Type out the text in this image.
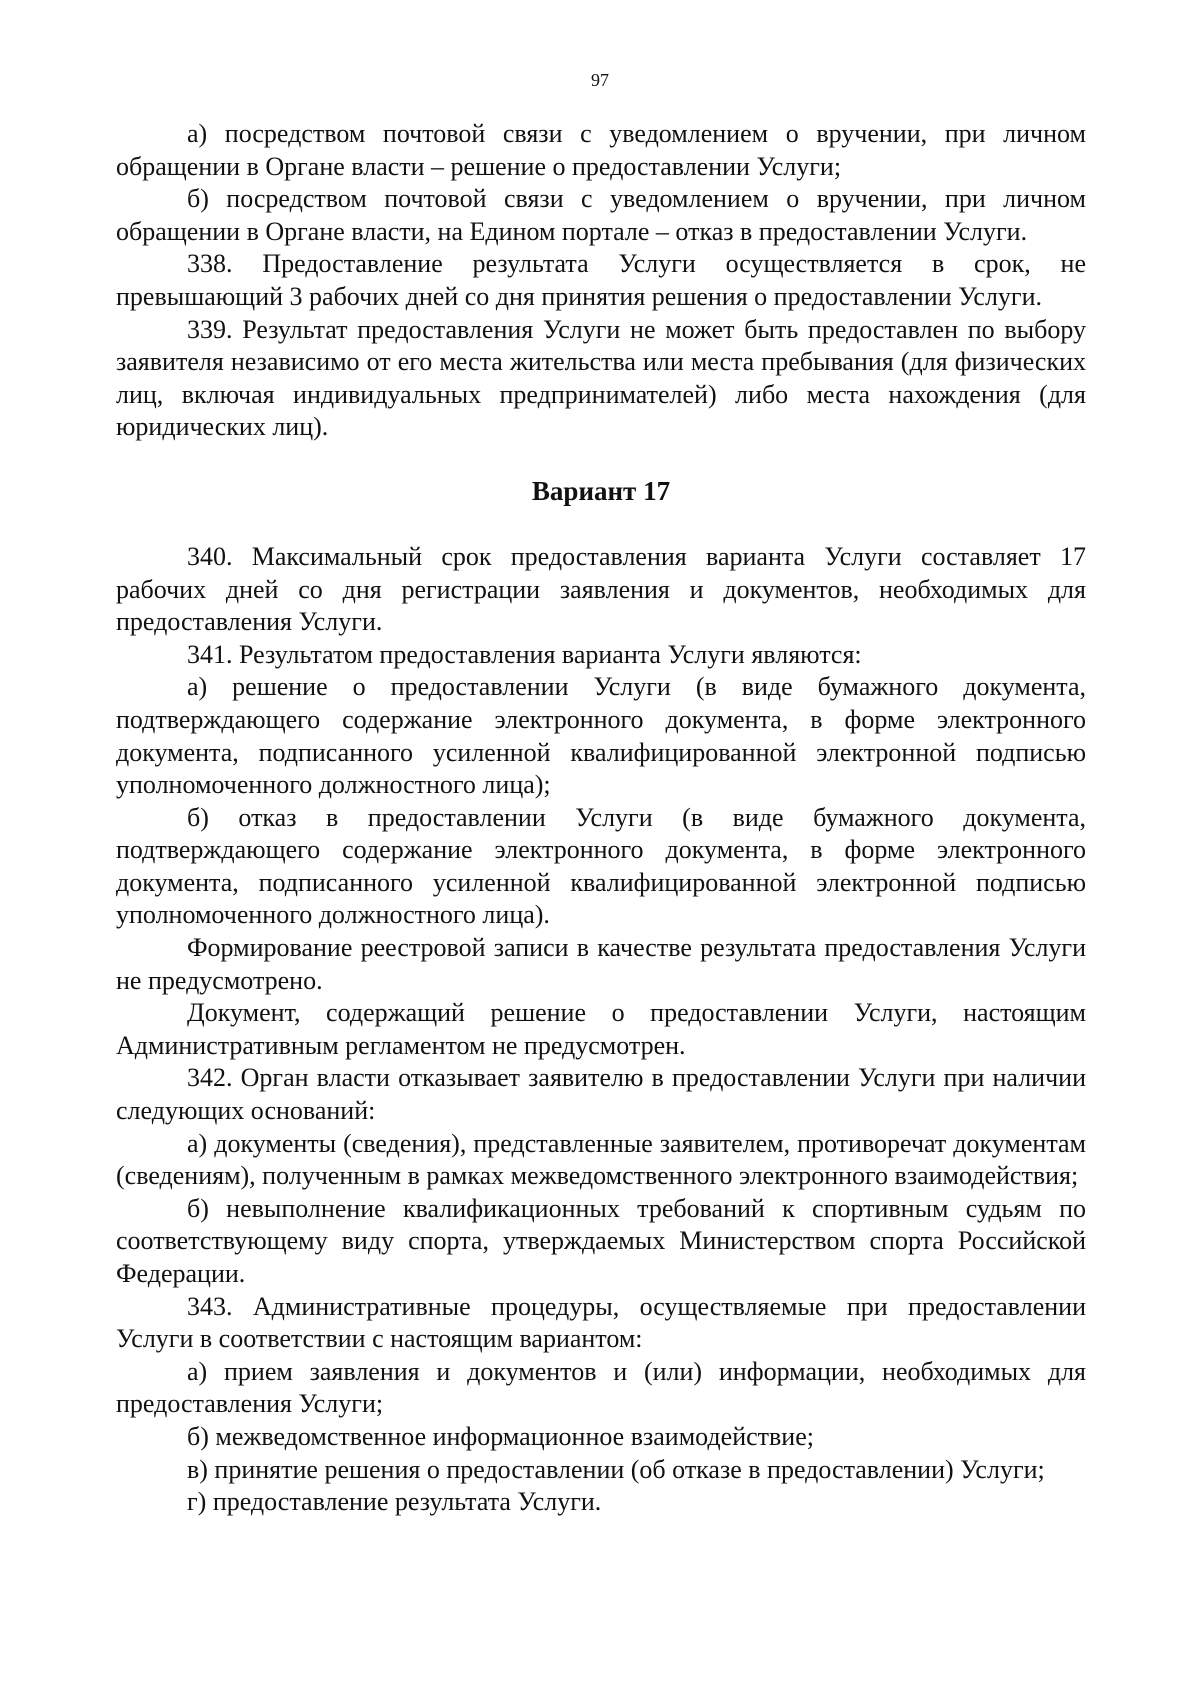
97

а) посредством почтовой связи с уведомлением о вручении, при личном обращении в Органе власти – решение о предоставлении Услуги;

б) посредством почтовой связи с уведомлением о вручении, при личном обращении в Органе власти, на Едином портале – отказ в предоставлении Услуги.

338. Предоставление результата Услуги осуществляется в срок, не превышающий 3 рабочих дней со дня принятия решения о предоставлении Услуги.

339. Результат предоставления Услуги не может быть предоставлен по выбору заявителя независимо от его места жительства или места пребывания (для физических лиц, включая индивидуальных предпринимателей) либо места нахождения (для юридических лиц).

Вариант 17

340. Максимальный срок предоставления варианта Услуги составляет 17 рабочих дней со дня регистрации заявления и документов, необходимых для предоставления Услуги.

341. Результатом предоставления варианта Услуги являются:

а) решение о предоставлении Услуги (в виде бумажного документа, подтверждающего содержание электронного документа, в форме электронного документа, подписанного усиленной квалифицированной электронной подписью уполномоченного должностного лица);

б) отказ в предоставлении Услуги (в виде бумажного документа, подтверждающего содержание электронного документа, в форме электронного документа, подписанного усиленной квалифицированной электронной подписью уполномоченного должностного лица).

Формирование реестровой записи в качестве результата предоставления Услуги не предусмотрено.

Документ, содержащий решение о предоставлении Услуги, настоящим Административным регламентом не предусмотрен.

342. Орган власти отказывает заявителю в предоставлении Услуги при наличии следующих оснований:

а) документы (сведения), представленные заявителем, противоречат документам (сведениям), полученным в рамках межведомственного электронного взаимодействия;

б) невыполнение квалификационных требований к спортивным судьям по соответствующему виду спорта, утверждаемых Министерством спорта Российской Федерации.

343. Административные процедуры, осуществляемые при предоставлении Услуги в соответствии с настоящим вариантом:

а) прием заявления и документов и (или) информации, необходимых для предоставления Услуги;

б) межведомственное информационное взаимодействие;

в) принятие решения о предоставлении (об отказе в предоставлении) Услуги;

г) предоставление результата Услуги.
